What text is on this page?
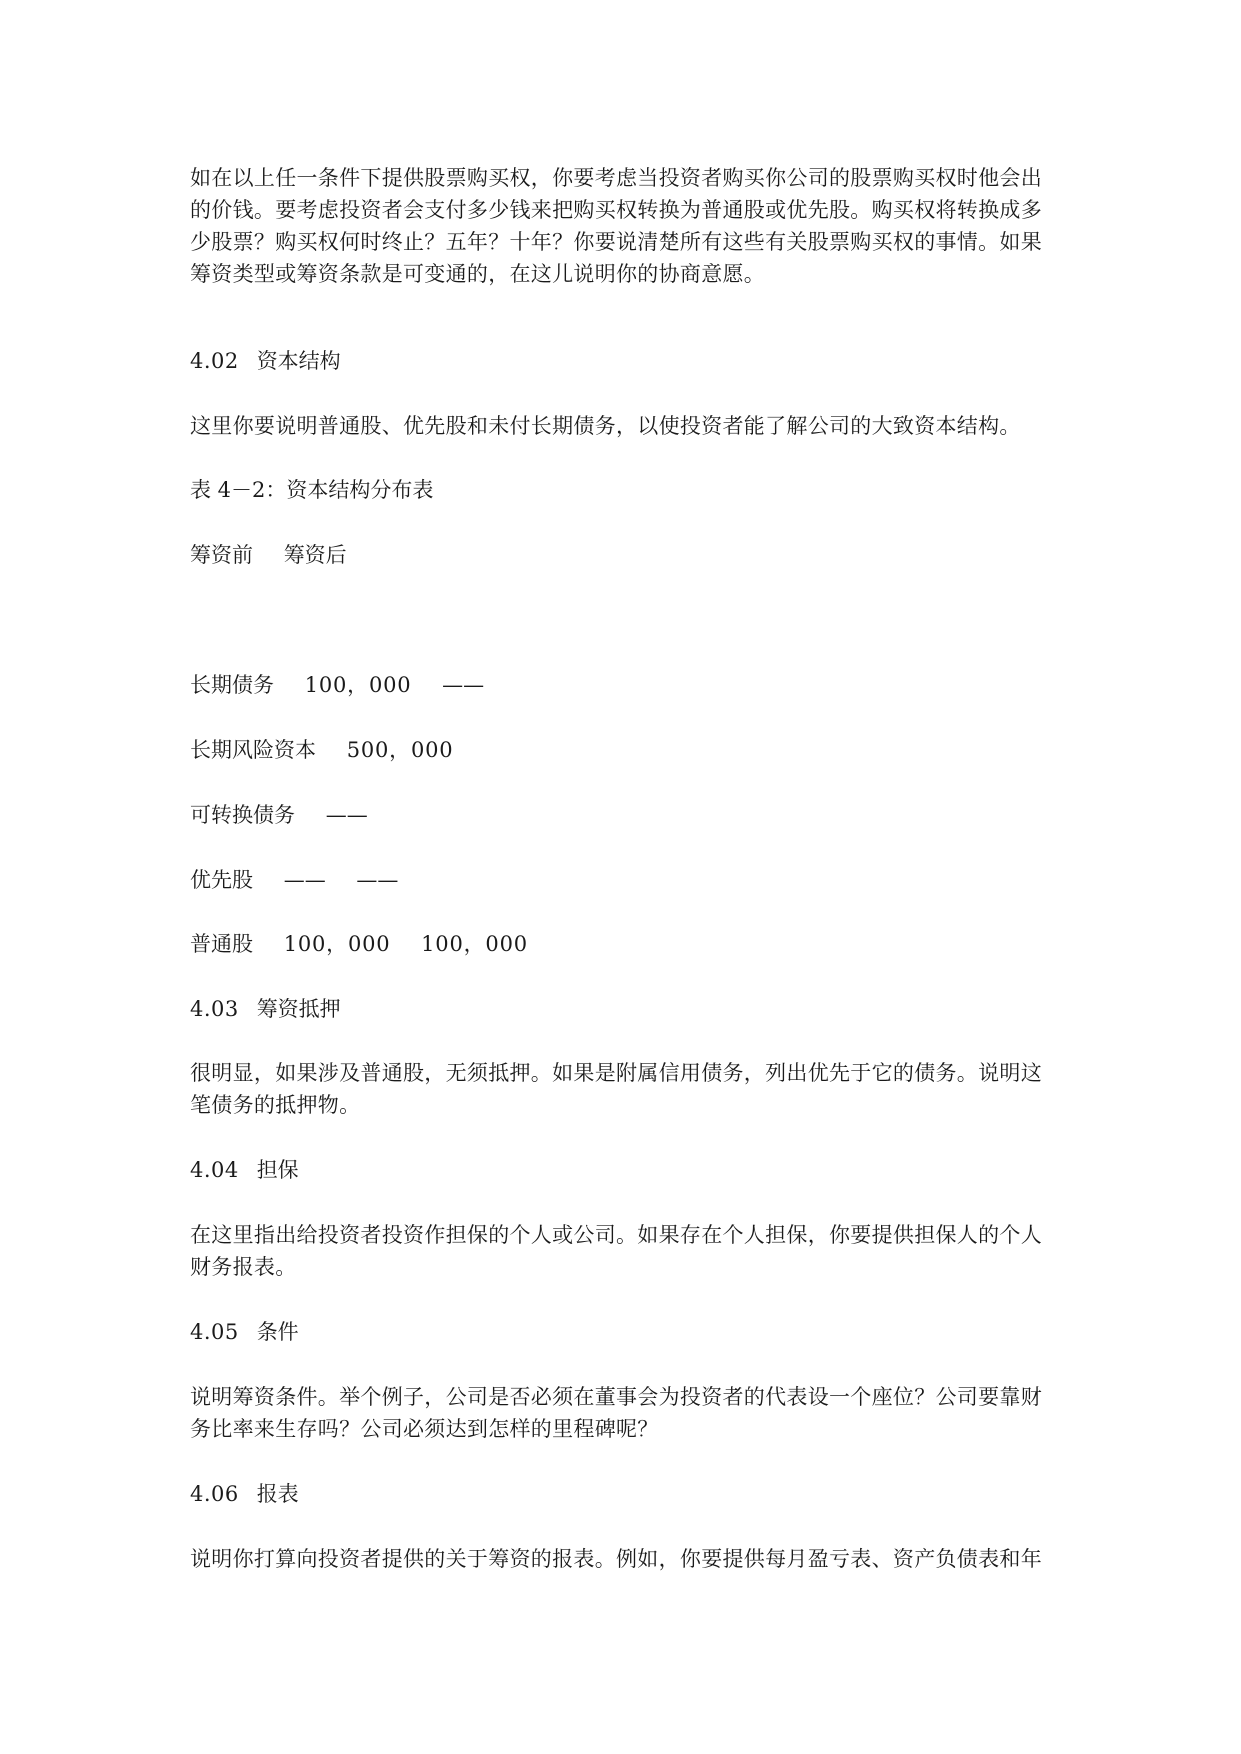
如在以上任一条件下提供股票购买权，你要考虑当投资者购买你公司的股票购买权时他会出
的价钱。要考虑投资者会支付多少钱来把购买权转换为普通股或优先股。购买权将转换成多
少股票？购买权何时终止？五年？十年？你要说清楚所有这些有关股票购买权的事情。如果
筹资类型或筹资条款是可变通的，在这儿说明你的协商意愿。
4.02 资本结构
这里你要说明普通股、优先股和未付长期债务，以使投资者能了解公司的大致资本结构。
表 4－2：资本结构分布表
筹资前 筹资后
长期债务 100，000 ——
长期风险资本 500，000
可转换债务 ——
优先股 —— ——
普通股 100，000 100，000
4.03 筹资抵押
很明显，如果涉及普通股，无须抵押。如果是附属信用债务，列出优先于它的债务。说明这
笔债务的抵押物。
4.04 担保
在这里指出给投资者投资作担保的个人或公司。如果存在个人担保，你要提供担保人的个人
财务报表。
4.05 条件
说明筹资条件。举个例子，公司是否必须在董事会为投资者的代表设一个座位？公司要靠财
务比率来生存吗？公司必须达到怎样的里程碑呢？
4.06 报表
说明你打算向投资者提供的关于筹资的报表。例如，你要提供每月盈亏表、资产负债表和年
